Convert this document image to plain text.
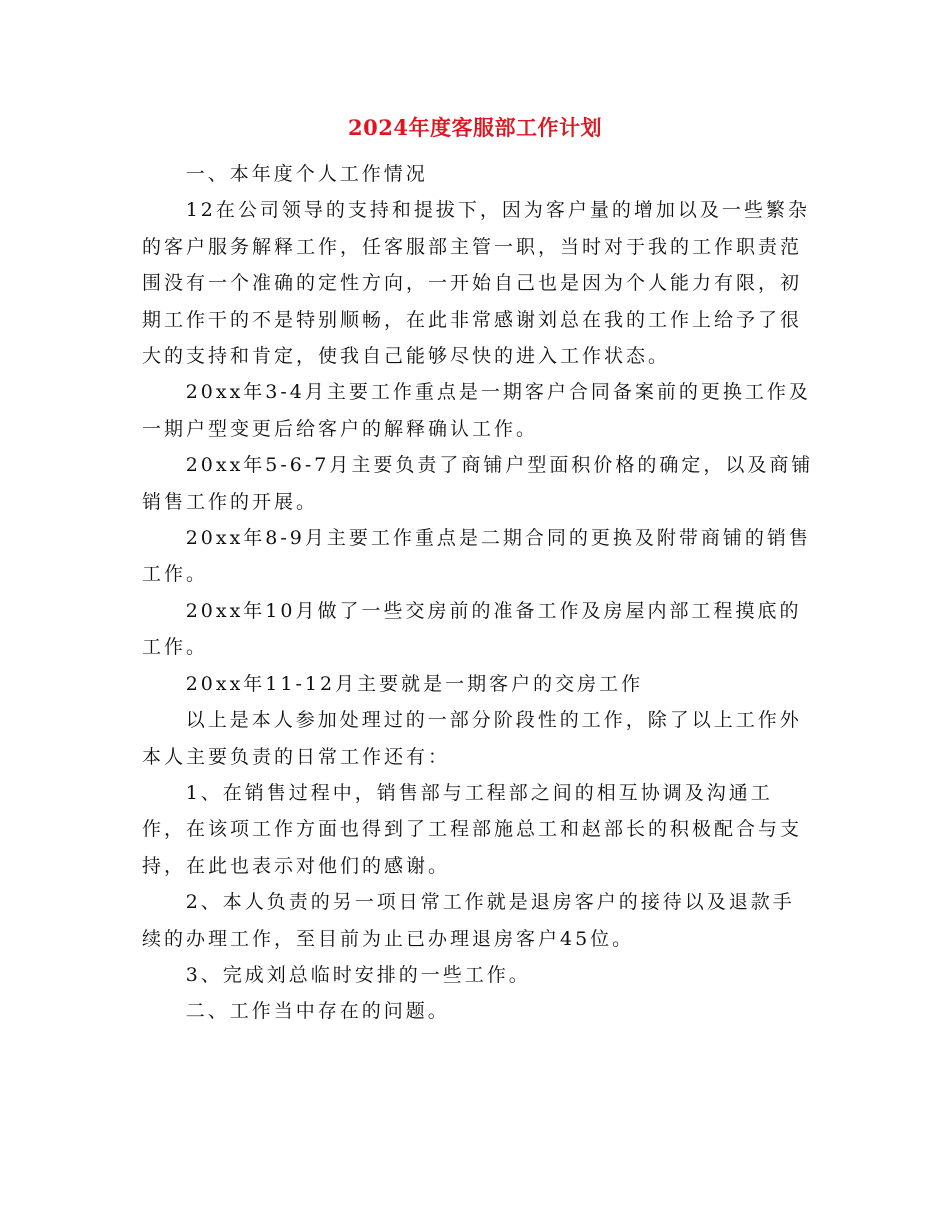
2024年度客服部工作计划

一、本年度个人工作情况

12在公司领导的支持和提拔下，因为客户量的增加以及一些繁杂的客户服务解释工作，任客服部主管一职，当时对于我的工作职责范围没有一个准确的定性方向，一开始自己也是因为个人能力有限，初期工作干的不是特别顺畅，在此非常感谢刘总在我的工作上给予了很大的支持和肯定，使我自己能够尽快的进入工作状态。

20xx年3-4月主要工作重点是一期客户合同备案前的更换工作及一期户型变更后给客户的解释确认工作。

20xx年5-6-7月主要负责了商铺户型面积价格的确定，以及商铺销售工作的开展。

20xx年8-9月主要工作重点是二期合同的更换及附带商铺的销售工作。

20xx年10月做了一些交房前的准备工作及房屋内部工程摸底的工作。

20xx年11-12月主要就是一期客户的交房工作

以上是本人参加处理过的一部分阶段性的工作，除了以上工作外本人主要负责的日常工作还有：

1、在销售过程中，销售部与工程部之间的相互协调及沟通工作，在该项工作方面也得到了工程部施总工和赵部长的积极配合与支持，在此也表示对他们的感谢。

2、本人负责的另一项日常工作就是退房客户的接待以及退款手续的办理工作，至目前为止已办理退房客户45位。

3、完成刘总临时安排的一些工作。

二、工作当中存在的问题。
